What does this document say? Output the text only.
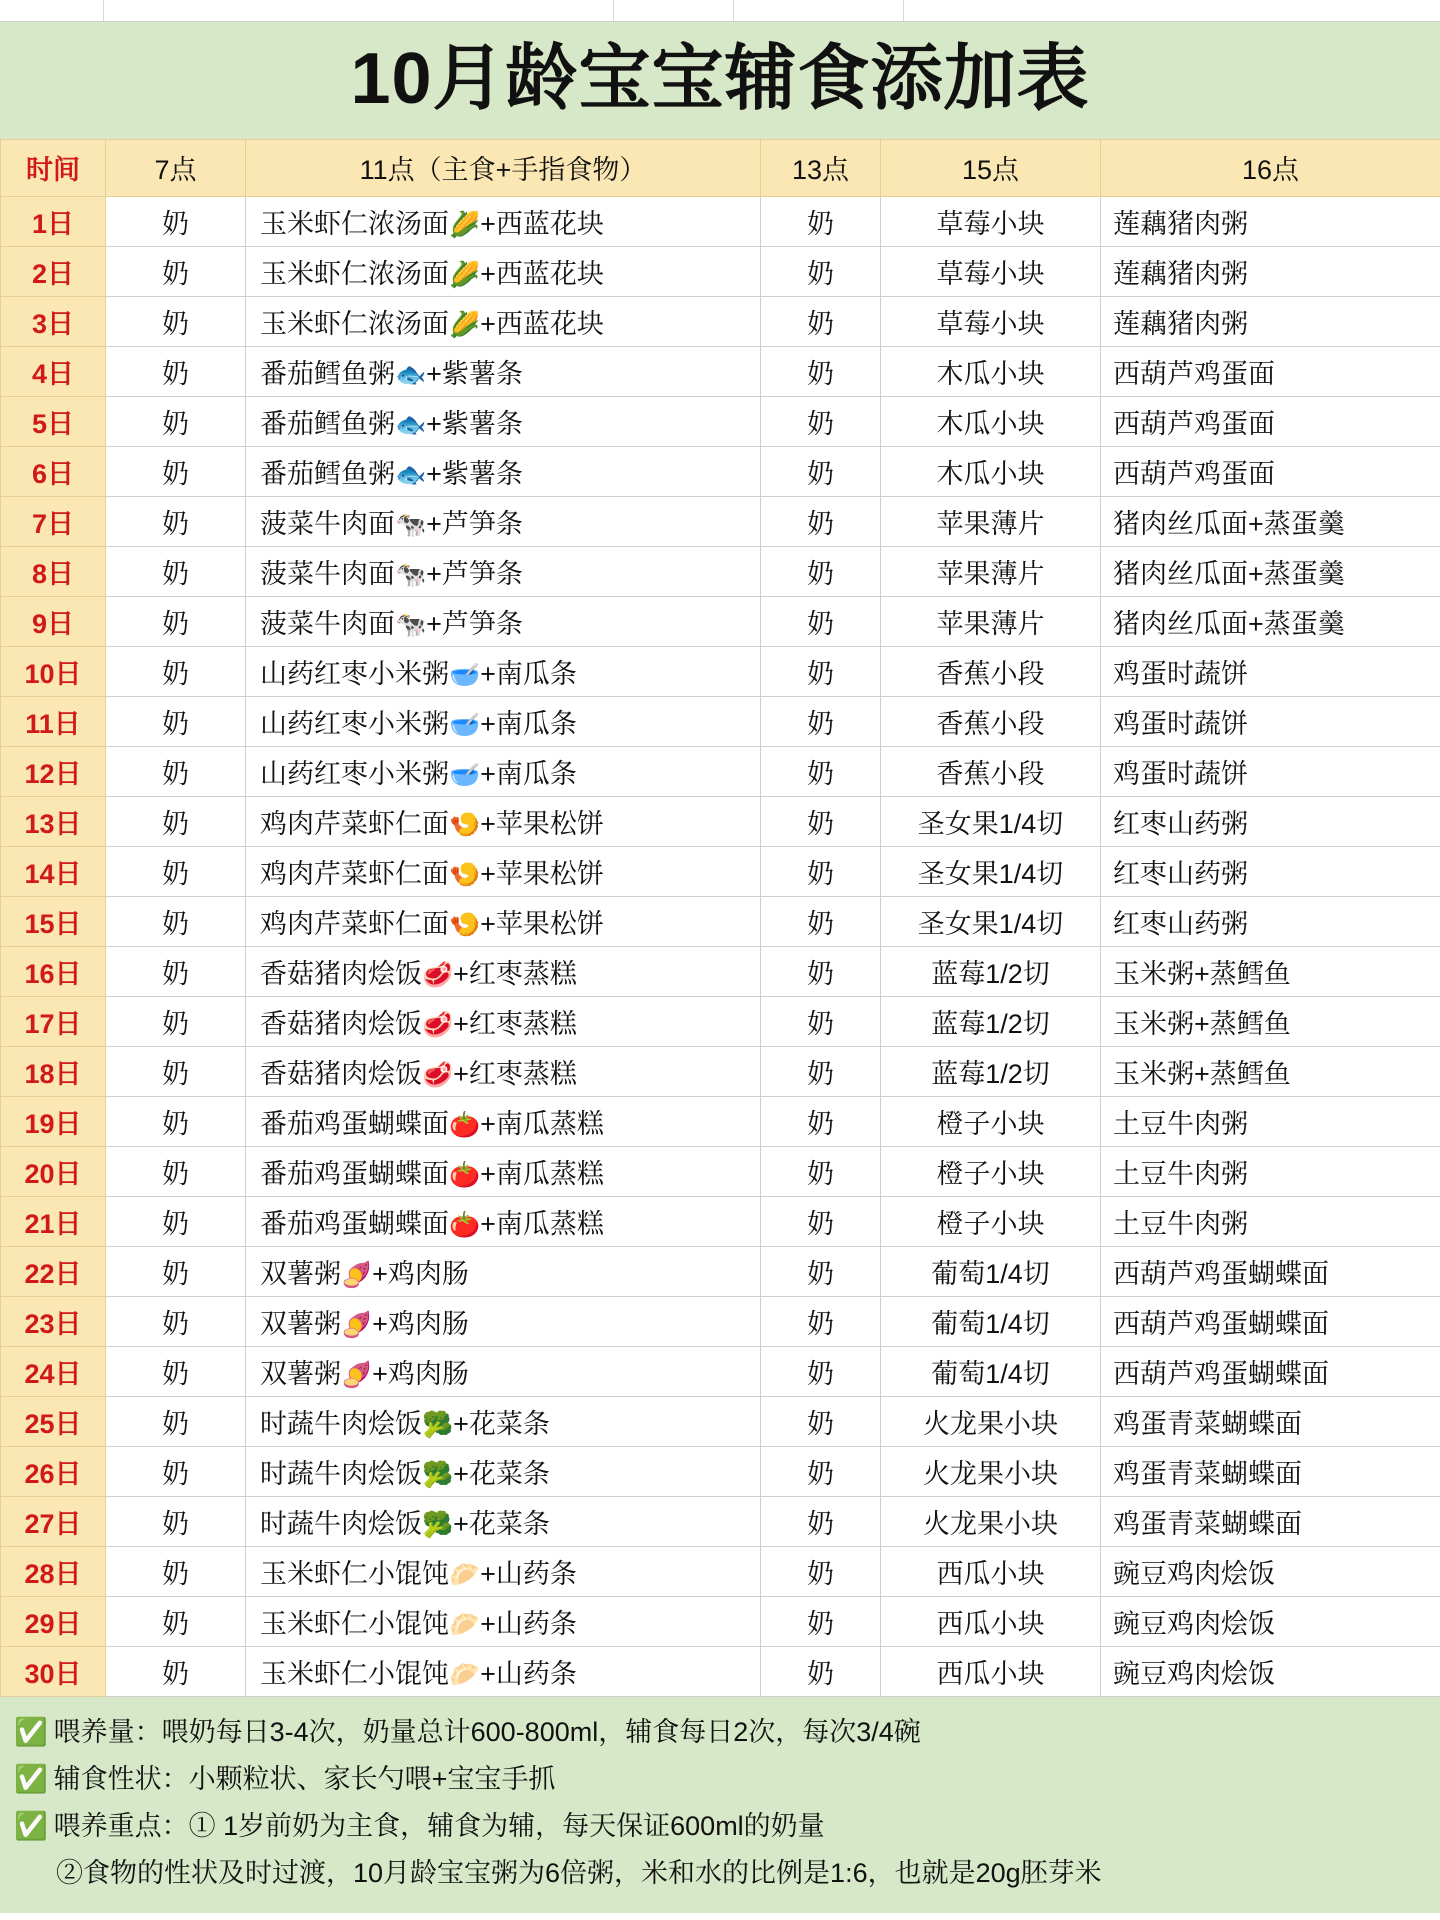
10月龄宝宝辅食添加表
时间	7点	11点（主食+手指食物）	13点	15点	16点
1日	奶	玉米虾仁浓汤面🌽+西蓝花块	奶	草莓小块	莲藕猪肉粥
2日	奶	玉米虾仁浓汤面🌽+西蓝花块	奶	草莓小块	莲藕猪肉粥
3日	奶	玉米虾仁浓汤面🌽+西蓝花块	奶	草莓小块	莲藕猪肉粥
4日	奶	番茄鳕鱼粥🐟+紫薯条	奶	木瓜小块	西葫芦鸡蛋面
5日	奶	番茄鳕鱼粥🐟+紫薯条	奶	木瓜小块	西葫芦鸡蛋面
6日	奶	番茄鳕鱼粥🐟+紫薯条	奶	木瓜小块	西葫芦鸡蛋面
7日	奶	菠菜牛肉面🐄+芦笋条	奶	苹果薄片	猪肉丝瓜面+蒸蛋羹
8日	奶	菠菜牛肉面🐄+芦笋条	奶	苹果薄片	猪肉丝瓜面+蒸蛋羹
9日	奶	菠菜牛肉面🐄+芦笋条	奶	苹果薄片	猪肉丝瓜面+蒸蛋羹
10日	奶	山药红枣小米粥🥣+南瓜条	奶	香蕉小段	鸡蛋时蔬饼
11日	奶	山药红枣小米粥🥣+南瓜条	奶	香蕉小段	鸡蛋时蔬饼
12日	奶	山药红枣小米粥🥣+南瓜条	奶	香蕉小段	鸡蛋时蔬饼
13日	奶	鸡肉芹菜虾仁面🍤+苹果松饼	奶	圣女果1/4切	红枣山药粥
14日	奶	鸡肉芹菜虾仁面🍤+苹果松饼	奶	圣女果1/4切	红枣山药粥
15日	奶	鸡肉芹菜虾仁面🍤+苹果松饼	奶	圣女果1/4切	红枣山药粥
16日	奶	香菇猪肉烩饭🥩+红枣蒸糕	奶	蓝莓1/2切	玉米粥+蒸鳕鱼
17日	奶	香菇猪肉烩饭🥩+红枣蒸糕	奶	蓝莓1/2切	玉米粥+蒸鳕鱼
18日	奶	香菇猪肉烩饭🥩+红枣蒸糕	奶	蓝莓1/2切	玉米粥+蒸鳕鱼
19日	奶	番茄鸡蛋蝴蝶面🍅+南瓜蒸糕	奶	橙子小块	土豆牛肉粥
20日	奶	番茄鸡蛋蝴蝶面🍅+南瓜蒸糕	奶	橙子小块	土豆牛肉粥
21日	奶	番茄鸡蛋蝴蝶面🍅+南瓜蒸糕	奶	橙子小块	土豆牛肉粥
22日	奶	双薯粥🍠+鸡肉肠	奶	葡萄1/4切	西葫芦鸡蛋蝴蝶面
23日	奶	双薯粥🍠+鸡肉肠	奶	葡萄1/4切	西葫芦鸡蛋蝴蝶面
24日	奶	双薯粥🍠+鸡肉肠	奶	葡萄1/4切	西葫芦鸡蛋蝴蝶面
25日	奶	时蔬牛肉烩饭🥦+花菜条	奶	火龙果小块	鸡蛋青菜蝴蝶面
26日	奶	时蔬牛肉烩饭🥦+花菜条	奶	火龙果小块	鸡蛋青菜蝴蝶面
27日	奶	时蔬牛肉烩饭🥦+花菜条	奶	火龙果小块	鸡蛋青菜蝴蝶面
28日	奶	玉米虾仁小馄饨🥟+山药条	奶	西瓜小块	豌豆鸡肉烩饭
29日	奶	玉米虾仁小馄饨🥟+山药条	奶	西瓜小块	豌豆鸡肉烩饭
30日	奶	玉米虾仁小馄饨🥟+山药条	奶	西瓜小块	豌豆鸡肉烩饭
✅ 喂养量：喂奶每日3-4次，奶量总计600-800ml，辅食每日2次，每次3/4碗
✅ 辅食性状：小颗粒状、家长勺喂+宝宝手抓
✅ 喂养重点：① 1岁前奶为主食，辅食为辅，每天保证600ml的奶量
②食物的性状及时过渡，10月龄宝宝粥为6倍粥，米和水的比例是1:6，也就是20g胚芽米
